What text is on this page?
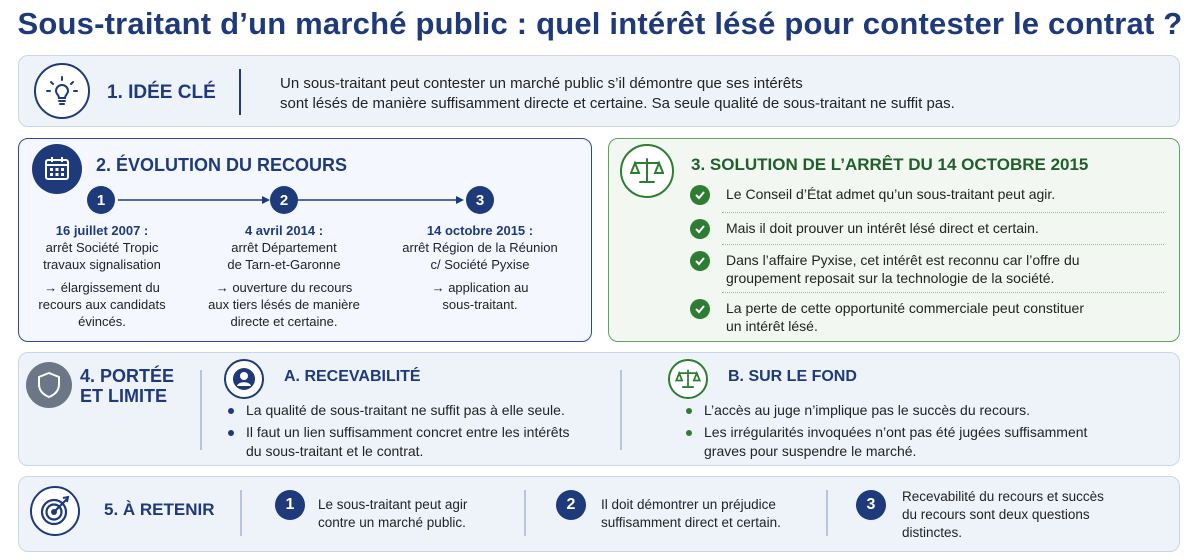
Sous-traitant d’un marché public : quel intérêt lésé pour contester le contrat ?
1. IDÉE CLÉ	Un sous-traitant peut contester un marché public s’il démontre que ses intérêts
sont lésés de manière suffisamment directe et certaine. Sa seule qualité de sous-traitant ne suffit pas.
2. ÉVOLUTION DU RECOURS
1	2	3
16 juillet 2007 :
arrêt Société Tropic
travaux signalisation
→ élargissement du
recours aux candidats
évincés.
4 avril 2014 :
arrêt Département
de Tarn-et-Garonne
→ ouverture du recours
aux tiers lésés de manière
directe et certaine.
14 octobre 2015 :
arrêt Région de la Réunion
c/ Société Pyxise
→ application au
sous-traitant.
3. SOLUTION DE L’ARRÊT DU 14 OCTOBRE 2015
Le Conseil d’État admet qu’un sous-traitant peut agir.
Mais il doit prouver un intérêt lésé direct et certain.
Dans l’affaire Pyxise, cet intérêt est reconnu car l’offre du
groupement reposait sur la technologie de la société.
La perte de cette opportunité commerciale peut constituer
un intérêt lésé.
4. PORTÉE
ET LIMITE
A. RECEVABILITÉ
La qualité de sous-traitant ne suffit pas à elle seule.
Il faut un lien suffisamment concret entre les intérêts
du sous-traitant et le contrat.
B. SUR LE FOND
L’accès au juge n’implique pas le succès du recours.
Les irrégularités invoquées n’ont pas été jugées suffisamment
graves pour suspendre le marché.
5. À RETENIR	1	Le sous-traitant peut agir
contre un marché public.
2	Il doit démontrer un préjudice
suffisamment direct et certain.
3	Recevabilité du recours et succès
du recours sont deux questions
distinctes.
